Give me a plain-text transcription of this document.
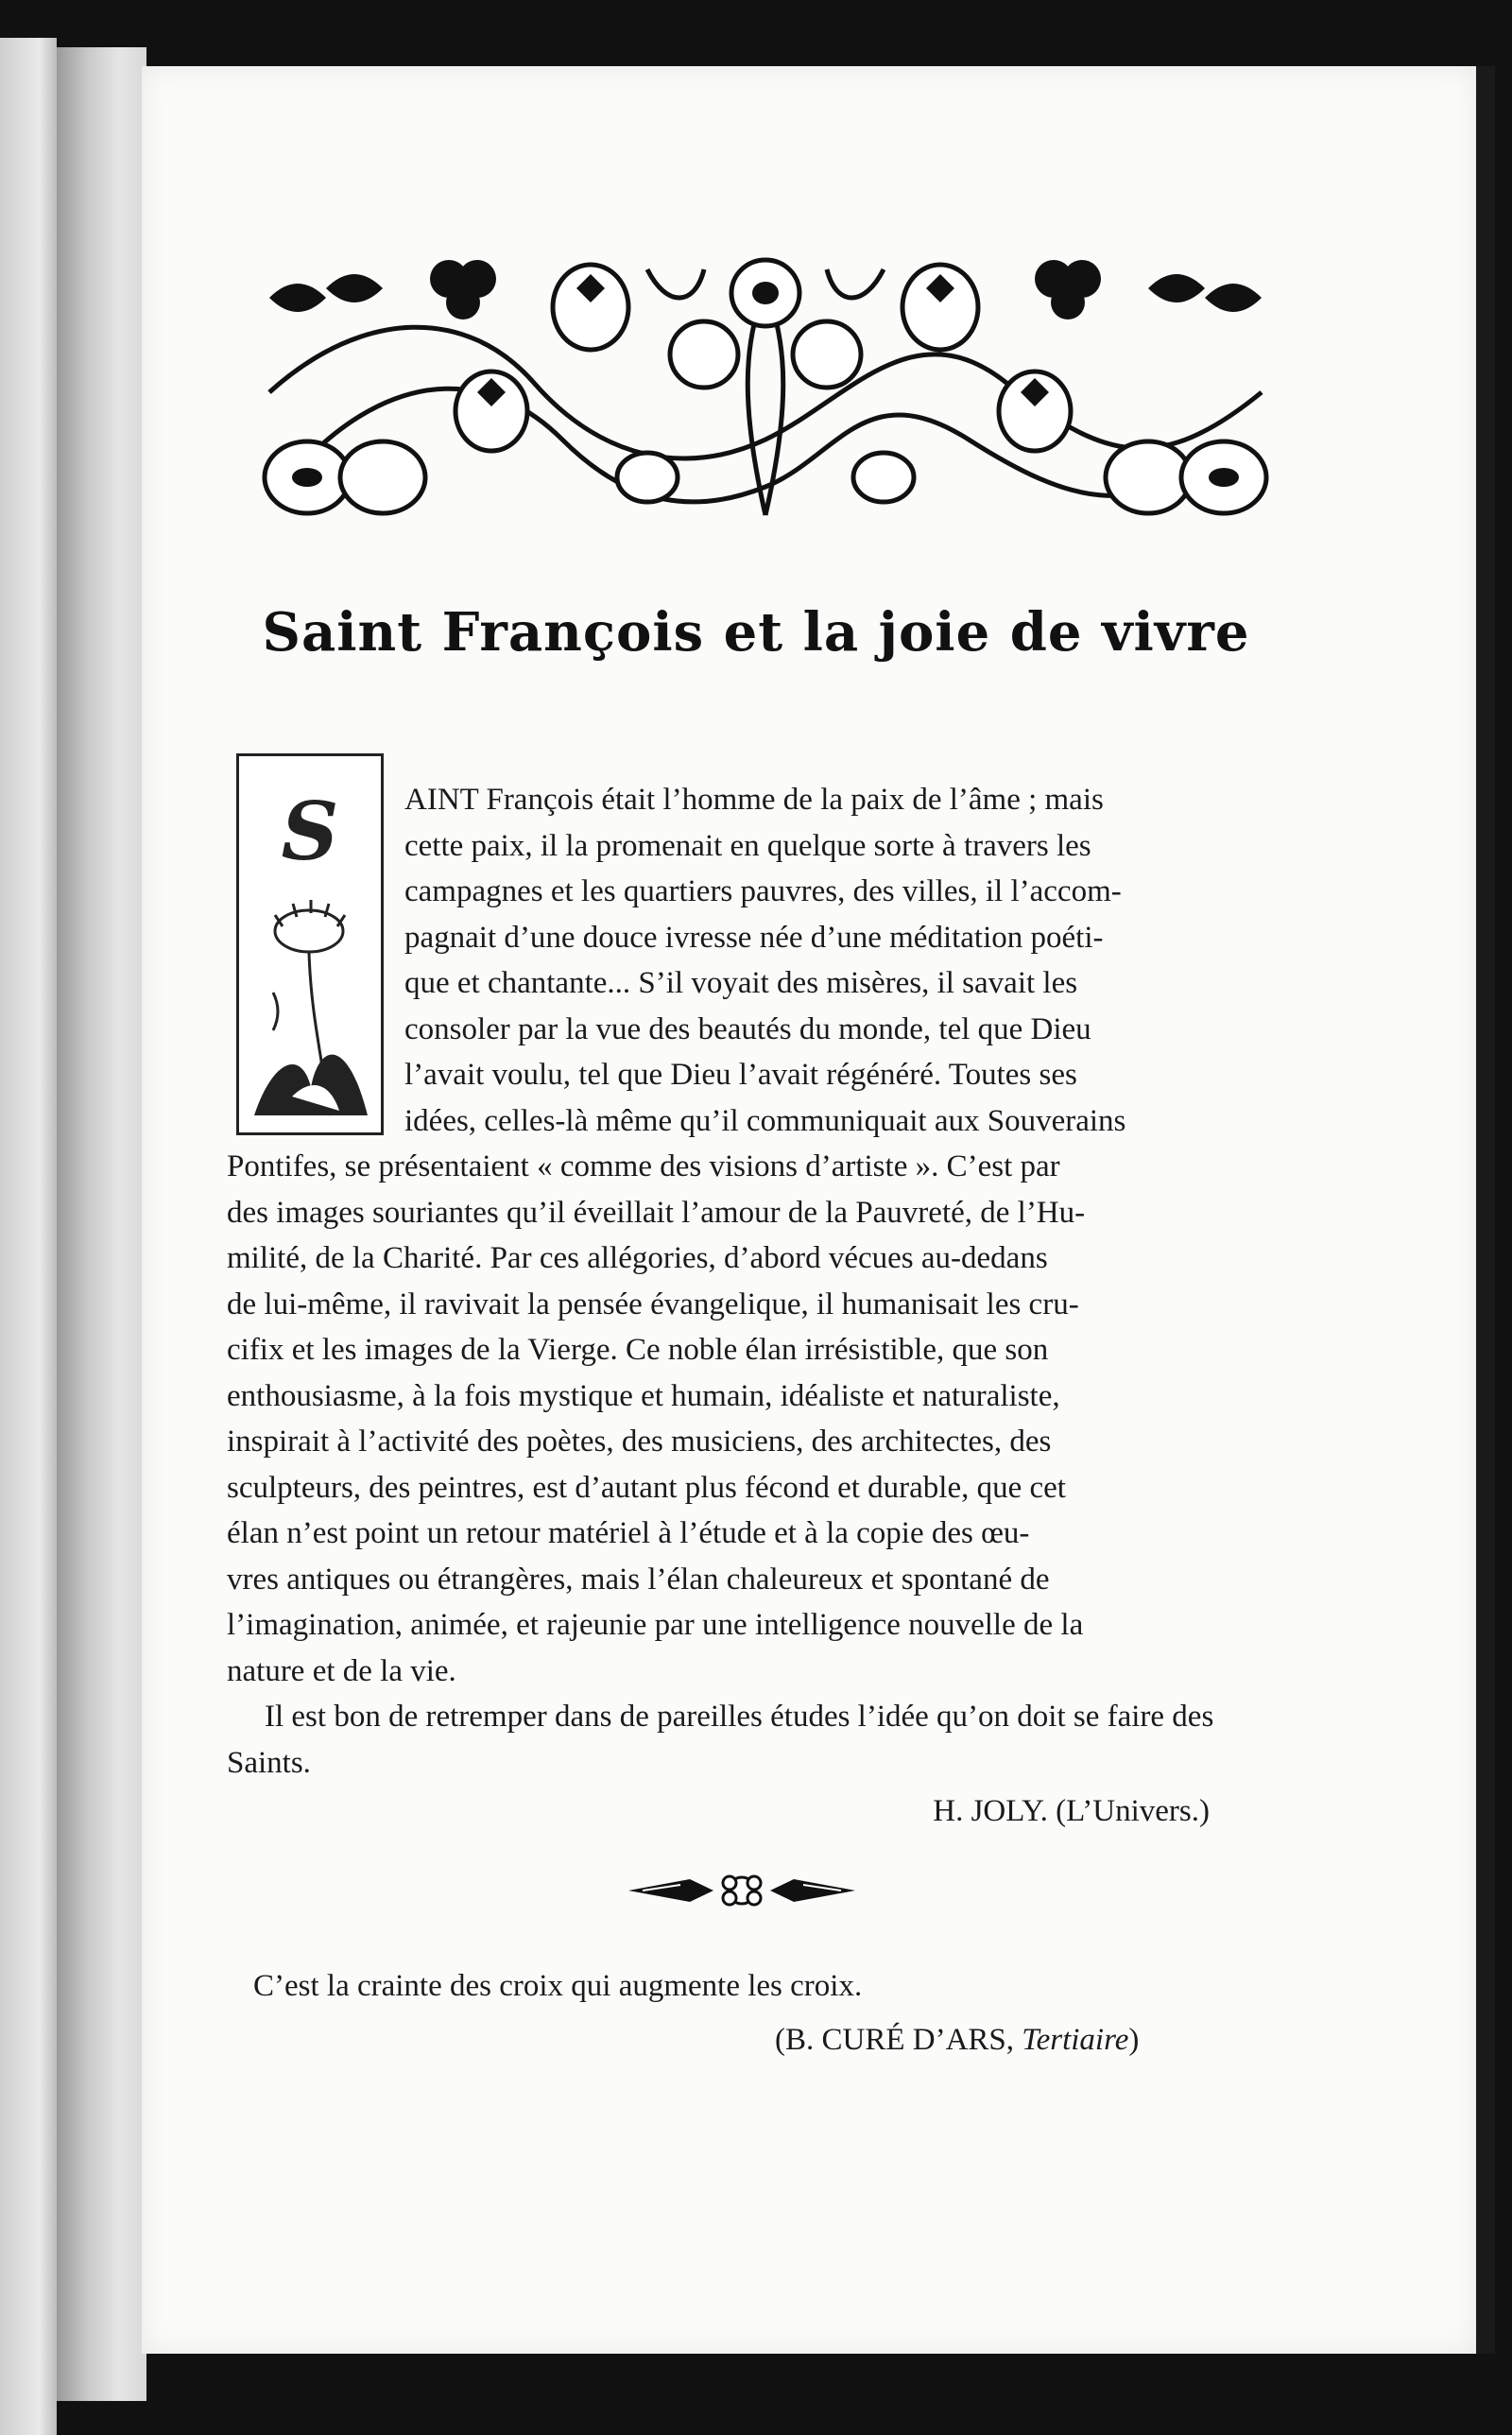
Saint François et la joie de vivre
S	AINT François était l’homme de la paix de l’âme ; mais
cette paix, il la promenait en quelque sorte à travers les
campagnes et les quartiers pauvres, des villes, il l’accom-
pagnait d’une douce ivresse née d’une méditation poéti-
que et chantante... S’il voyait des misères, il savait les
consoler par la vue des beautés du monde, tel que Dieu
l’avait voulu, tel que Dieu l’avait régénéré. Toutes ses
idées, celles-là même qu’il communiquait aux Souverains
Pontifes, se présentaient « comme des visions d’artiste ». C’est par
des images souriantes qu’il éveillait l’amour de la Pauvreté, de l’Hu-
milité, de la Charité. Par ces allégories, d’abord vécues au-dedans
de lui-même, il ravivait la pensée évangelique, il humanisait les cru-
cifix et les images de la Vierge. Ce noble élan irrésistible, que son
enthousiasme, à la fois mystique et humain, idéaliste et naturaliste,
inspirait à l’activité des poètes, des musiciens, des architectes, des
sculpteurs, des peintres, est d’autant plus fécond et durable, que cet
élan n’est point un retour matériel à l’étude et à la copie des œu-
vres antiques ou étrangères, mais l’élan chaleureux et spontané de
l’imagination, animée, et rajeunie par une intelligence nouvelle de la
nature et de la vie.

Il est bon de retremper dans de pareilles études l’idée qu’on doit se faire des Saints.

H. JOLY. (L’Univers.)
C’est la crainte des croix qui augmente les croix.
(B. CURÉ D’ARS, Tertiaire)
